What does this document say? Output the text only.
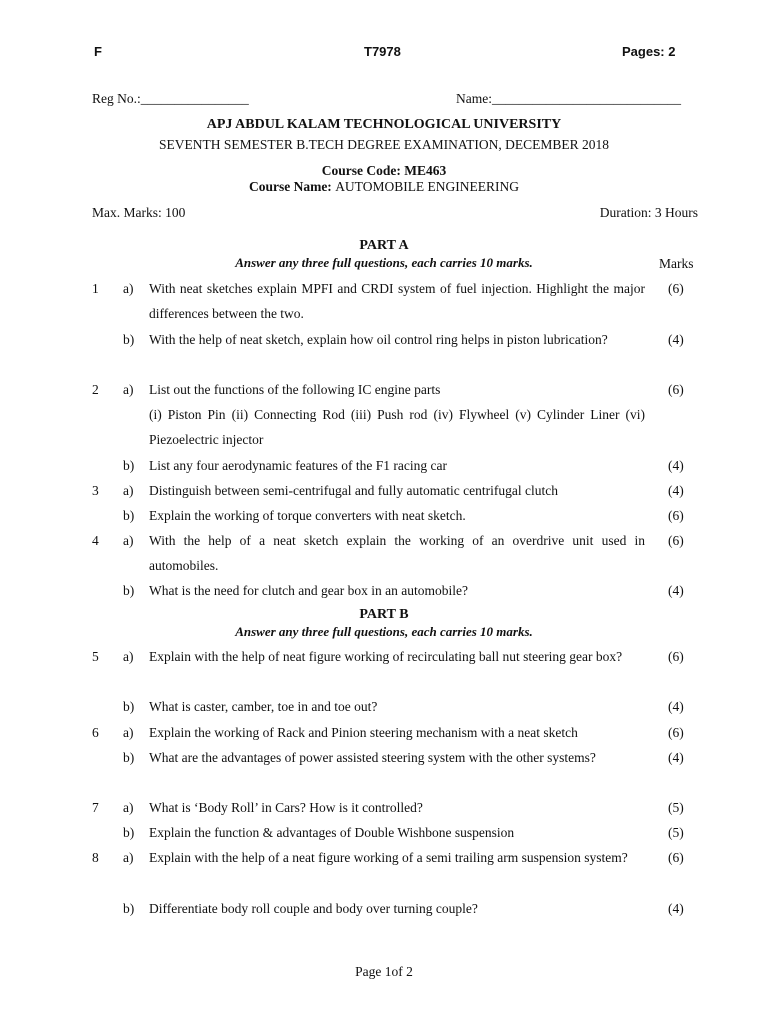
F	T7978	Pages: 2
Reg No.:________________	Name:____________________________
APJ ABDUL KALAM TECHNOLOGICAL UNIVERSITY
SEVENTH SEMESTER B.TECH DEGREE EXAMINATION, DECEMBER 2018
Course Code: ME463
Course Name: AUTOMOBILE ENGINEERING
Max. Marks: 100	Duration: 3 Hours
PART A
Answer any three full questions, each carries 10 marks.	Marks
1 a) With neat sketches explain MPFI and CRDI system of fuel injection. Highlight the major differences between the two.
(6)
b) With the help of neat sketch, explain how oil control ring helps in piston lubrication?	(4)
2 a) List out the functions of the following IC engine parts	(6)
(i) Piston Pin (ii) Connecting Rod (iii) Push rod (iv) Flywheel (v) Cylinder Liner (vi) Piezoelectric injector
b) List any four aerodynamic features of the F1 racing car	(4)
3 a) Distinguish between semi-centrifugal and fully automatic centrifugal clutch	(4)
b) Explain the working of torque converters with neat sketch.	(6)
4 a) With the help of a neat sketch explain the working of an overdrive unit used in automobiles.
(6)
b) What is the need for clutch and gear box in an automobile?	(4)
PART B
Answer any three full questions, each carries 10 marks.
5 a) Explain with the help of neat figure working of recirculating ball nut steering gear box?	(6)
b) What is caster, camber, toe in and toe out?	(4)
6 a) Explain the working of Rack and Pinion steering mechanism with a neat sketch	(6)
b) What are the advantages of power assisted steering system with the other systems?	(4)
7 a) What is ‘Body Roll’ in Cars? How is it controlled?	(5)
b) Explain the function & advantages of Double Wishbone suspension	(5)
8 a) Explain with the help of a neat figure working of a semi trailing arm suspension system?	(6)
b) Differentiate body roll couple and body over turning couple?	(4)
Page 1of 2
